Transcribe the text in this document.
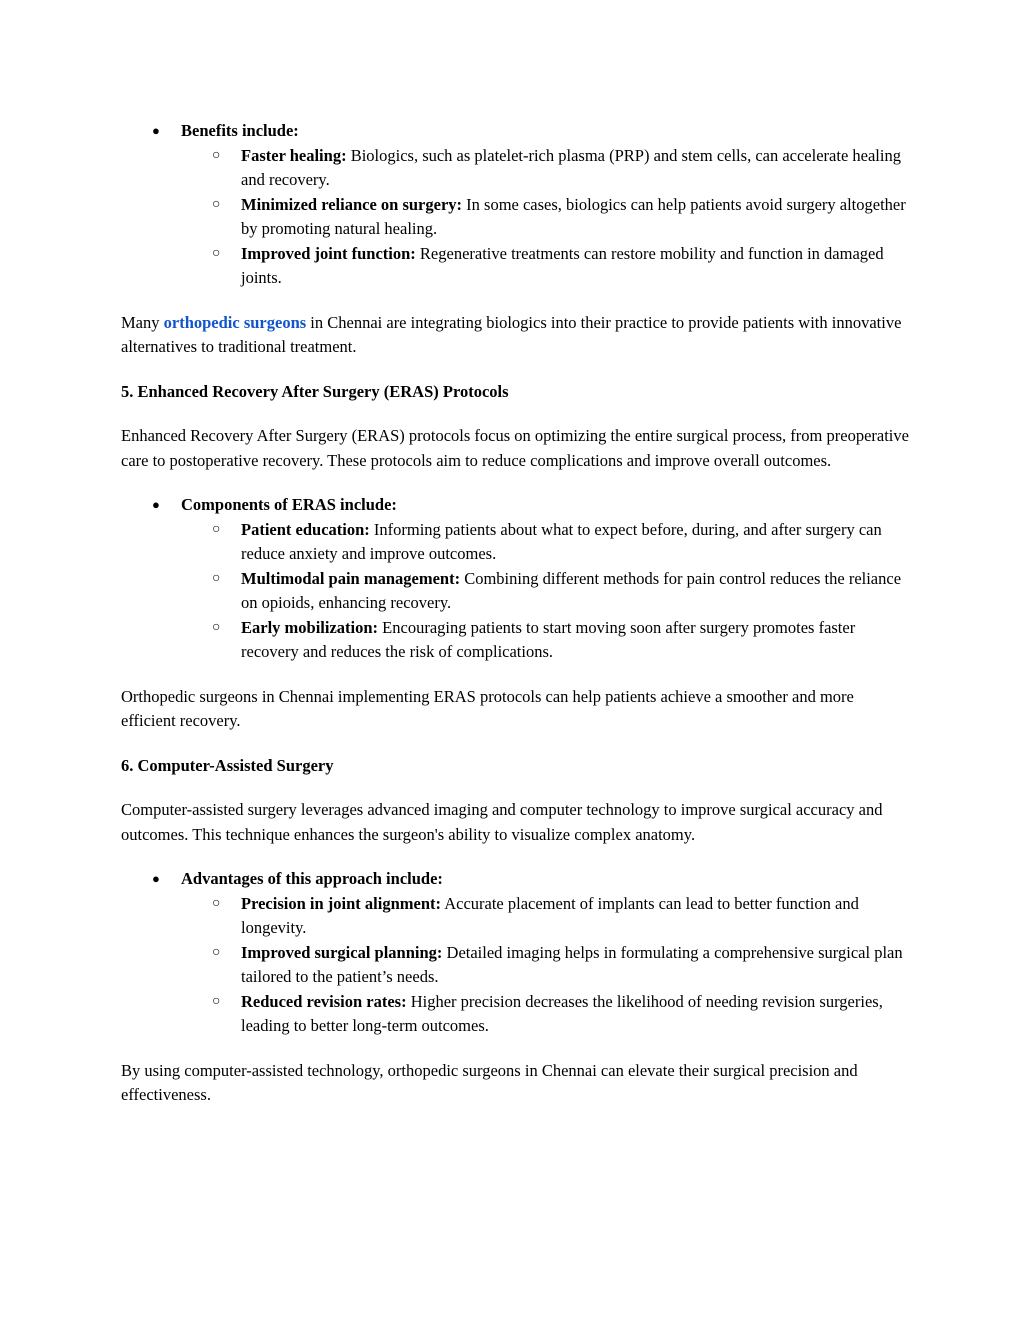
● Benefits include:
○ Faster healing: Biologics, such as platelet-rich plasma (PRP) and stem cells, can accelerate healing and recovery.
○ Minimized reliance on surgery: In some cases, biologics can help patients avoid surgery altogether by promoting natural healing.
○ Improved joint function: Regenerative treatments can restore mobility and function in damaged joints.

Many orthopedic surgeons in Chennai are integrating biologics into their practice to provide patients with innovative alternatives to traditional treatment.

5. Enhanced Recovery After Surgery (ERAS) Protocols

Enhanced Recovery After Surgery (ERAS) protocols focus on optimizing the entire surgical process, from preoperative care to postoperative recovery. These protocols aim to reduce complications and improve overall outcomes.

● Components of ERAS include:
○ Patient education: Informing patients about what to expect before, during, and after surgery can reduce anxiety and improve outcomes.
○ Multimodal pain management: Combining different methods for pain control reduces the reliance on opioids, enhancing recovery.
○ Early mobilization: Encouraging patients to start moving soon after surgery promotes faster recovery and reduces the risk of complications.

Orthopedic surgeons in Chennai implementing ERAS protocols can help patients achieve a smoother and more efficient recovery.

6. Computer-Assisted Surgery

Computer-assisted surgery leverages advanced imaging and computer technology to improve surgical accuracy and outcomes. This technique enhances the surgeon's ability to visualize complex anatomy.

● Advantages of this approach include:
○ Precision in joint alignment: Accurate placement of implants can lead to better function and longevity.
○ Improved surgical planning: Detailed imaging helps in formulating a comprehensive surgical plan tailored to the patient’s needs.
○ Reduced revision rates: Higher precision decreases the likelihood of needing revision surgeries, leading to better long-term outcomes.

By using computer-assisted technology, orthopedic surgeons in Chennai can elevate their surgical precision and effectiveness.
